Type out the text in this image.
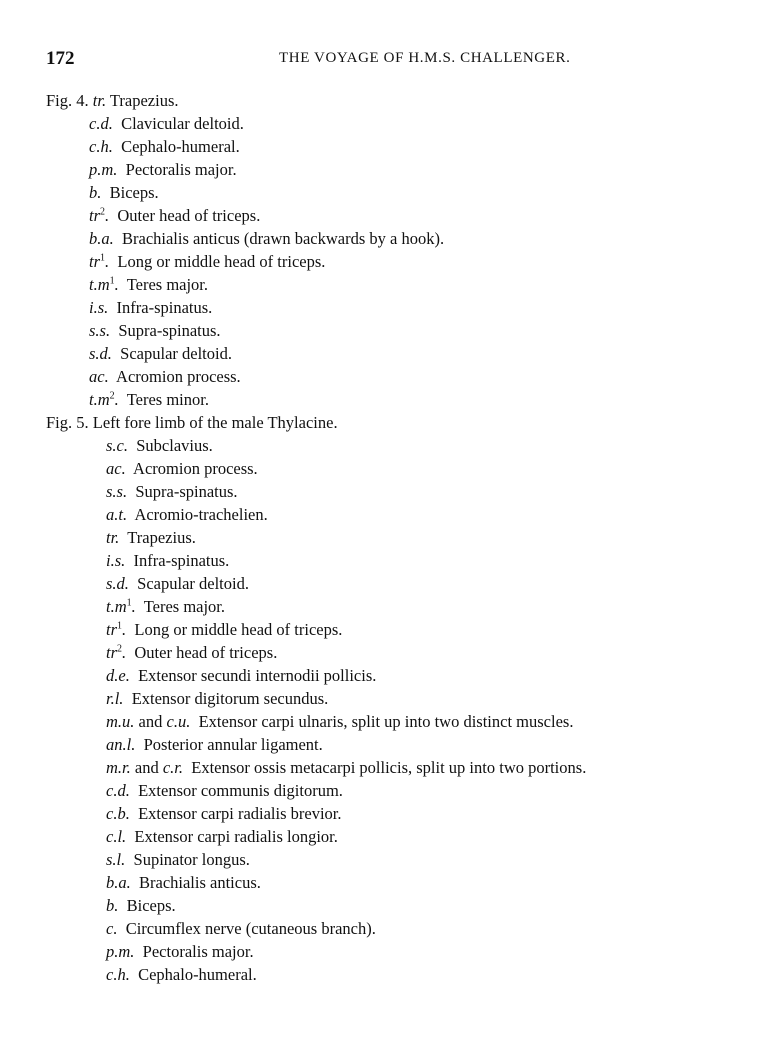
172	THE VOYAGE OF H.M.S. CHALLENGER.
Fig. 4. tr. Trapezius.
c.d. Clavicular deltoid.
c.h. Cephalo-humeral.
p.m. Pectoralis major.
b. Biceps.
$tr^2$. Outer head of triceps.
b.a. Brachialis anticus (drawn backwards by a hook).
$tr^1$. Long or middle head of triceps.
$t.m^1$. Teres major.
i.s. Infra-spinatus.
s.s. Supra-spinatus.
s.d. Scapular deltoid.
ac. Acromion process.
$t.m^2$. Teres minor.
Fig. 5. Left fore limb of the male Thylacine.
s.c. Subclavius.
ac. Acromion process.
s.s. Supra-spinatus.
a.t. Acromio-trachelien.
tr. Trapezius.
i.s. Infra-spinatus.
s.d. Scapular deltoid.
$t.m^1$. Teres major.
$tr^1$. Long or middle head of triceps.
$tr^2$. Outer head of triceps.
d.e. Extensor secundi internodii pollicis.
r.l. Extensor digitorum secundus.
m.u. and c.u. Extensor carpi ulnaris, split up into two distinct muscles.
an.l. Posterior annular ligament.
m.r. and c.r. Extensor ossis metacarpi pollicis, split up into two portions.
c.d. Extensor communis digitorum.
c.b. Extensor carpi radialis brevior.
c.l. Extensor carpi radialis longior.
s.l. Supinator longus.
b.a. Brachialis anticus.
b. Biceps.
c. Circumflex nerve (cutaneous branch).
p.m. Pectoralis major.
c.h. Cephalo-humeral.
